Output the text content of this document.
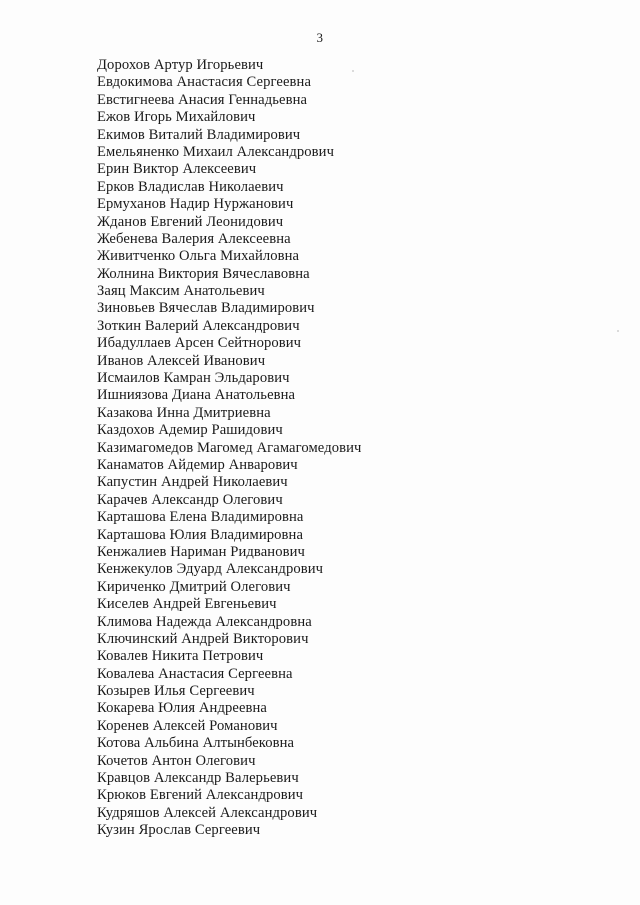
3
Дорохов Артур Игорьевич
Евдокимова Анастасия Сергеевна
Евстигнеева Анасия Геннадьевна
Ежов Игорь Михайлович
Екимов Виталий Владимирович
Емельяненко Михаил Александрович
Ерин Виктор Алексеевич
Ерков Владислав Николаевич
Ермуханов Надир Нуржанович
Жданов Евгений Леонидович
Жебенева Валерия Алексеевна
Живитченко Ольга Михайловна
Жолнина Виктория Вячеславовна
Заяц Максим Анатольевич
Зиновьев Вячеслав Владимирович
Зоткин Валерий Александрович
Ибадуллаев Арсен Сейтнорович
Иванов Алексей Иванович
Исмаилов Камран Эльдарович
Ишниязова Диана Анатольевна
Казакова Инна Дмитриевна
Каздохов Адемир Рашидович
Казимагомедов Магомед Агамагомедович
Канаматов Айдемир Анварович
Капустин Андрей Николаевич
Карачев Александр Олегович
Карташова Елена Владимировна
Карташова Юлия Владимировна
Кенжалиев Нариман Ридванович
Кенжекулов Эдуард Александрович
Кириченко Дмитрий Олегович
Киселев Андрей Евгеньевич
Климова Надежда Александровна
Ключинский Андрей Викторович
Ковалев Никита Петрович
Ковалева Анастасия Сергеевна
Козырев Илья Сергеевич
Кокарева Юлия Андреевна
Коренев Алексей Романович
Котова Альбина Алтынбековна
Кочетов Антон Олегович
Кравцов Александр Валерьевич
Крюков Евгений Александрович
Кудряшов Алексей Александрович
Кузин Ярослав Сергеевич
